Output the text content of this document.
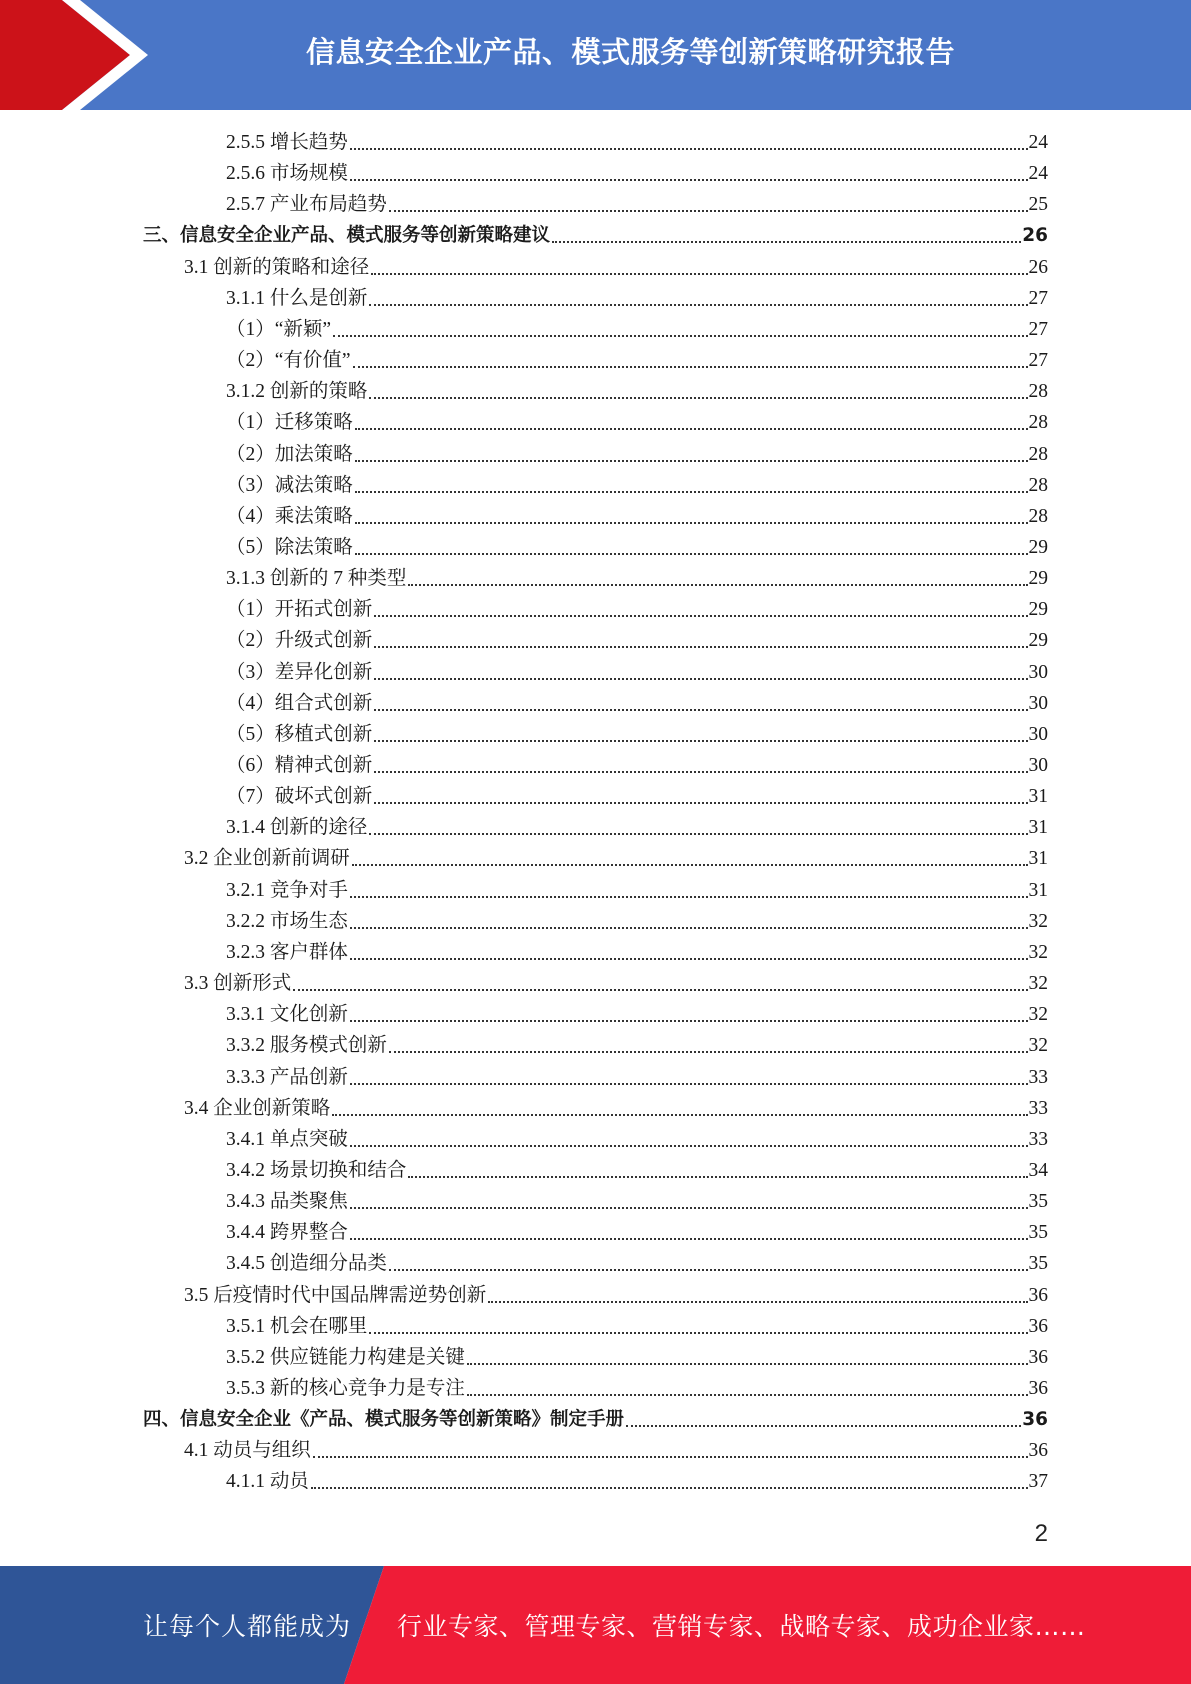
信息安全企业产品、模式服务等创新策略研究报告
2.5.5 增长趋势	24
2.5.6 市场规模	24
2.5.7 产业布局趋势	25
三、信息安全企业产品、模式服务等创新策略建议	26
3.1 创新的策略和途径	26
3.1.1 什么是创新	27
（1）“新颖”	27
（2）“有价值”	27
3.1.2 创新的策略	28
（1）迁移策略	28
（2）加法策略	28
（3）减法策略	28
（4）乘法策略	28
（5）除法策略	29
3.1.3 创新的 7 种类型	29
（1）开拓式创新	29
（2）升级式创新	29
（3）差异化创新	30
（4）组合式创新	30
（5）移植式创新	30
（6）精神式创新	30
（7）破坏式创新	31
3.1.4 创新的途径	31
3.2 企业创新前调研	31
3.2.1 竞争对手	31
3.2.2 市场生态	32
3.2.3 客户群体	32
3.3 创新形式	32
3.3.1 文化创新	32
3.3.2 服务模式创新	32
3.3.3 产品创新	33
3.4 企业创新策略	33
3.4.1 单点突破	33
3.4.2 场景切换和结合	34
3.4.3 品类聚焦	35
3.4.4 跨界整合	35
3.4.5 创造细分品类	35
3.5 后疫情时代中国品牌需逆势创新	36
3.5.1 机会在哪里	36
3.5.2 供应链能力构建是关键	36
3.5.3 新的核心竞争力是专注	36
四、信息安全企业《产品、模式服务等创新策略》制定手册	36
4.1 动员与组织	36
4.1.1 动员	37
2
让每个人都能成为 行业专家、管理专家、营销专家、战略专家、成功企业家……
